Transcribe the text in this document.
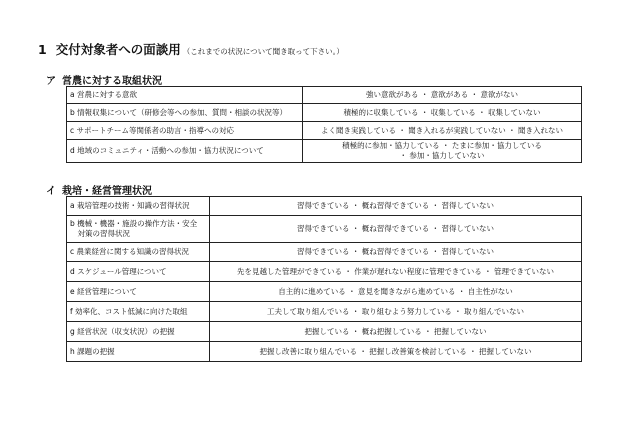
1 交付対象者への面談用 （これまでの状況について聞き取って下さい。）
ア 営農に対する取組状況
a 営農に対する意欲	強い意欲がある ・ 意欲がある ・ 意欲がない
b 情報収集について（研修会等への参加、質問・相談の状況等）	積極的に収集している ・ 収集している ・ 収集していない
c サポートチーム等関係者の助言・指導への対応	よく聞き実践している ・ 聞き入れるが実践していない ・ 聞き入れない
d 地域のコミュニティ・活動への参加・協力状況について	積極的に参加・協力している ・ たまに参加・協力している
・ 参加・協力していない
イ 栽培・経営管理状況
a 栽培管理の技術・知識の習得状況	習得できている ・ 概ね習得できている ・ 習得していない
b 機械・機器・施設の操作方法・安全
　対策の習得状況	習得できている ・ 概ね習得できている ・ 習得していない
c 農業経営に関する知識の習得状況	習得できている ・ 概ね習得できている ・ 習得していない
d スケジュール管理について	先を見越した管理ができている ・ 作業が遅れない程度に管理できている ・ 管理できていない
e 経営管理について	自主的に進めている ・ 意見を聞きながら進めている ・ 自主性がない
f 効率化、コスト低減に向けた取組	工夫して取り組んでいる ・ 取り組むよう努力している ・ 取り組んでいない
g 経営状況（収支状況）の把握	把握している ・ 概ね把握している ・ 把握していない
h 課題の把握	把握し改善に取り組んでいる ・ 把握し改善策を検討している ・ 把握していない
